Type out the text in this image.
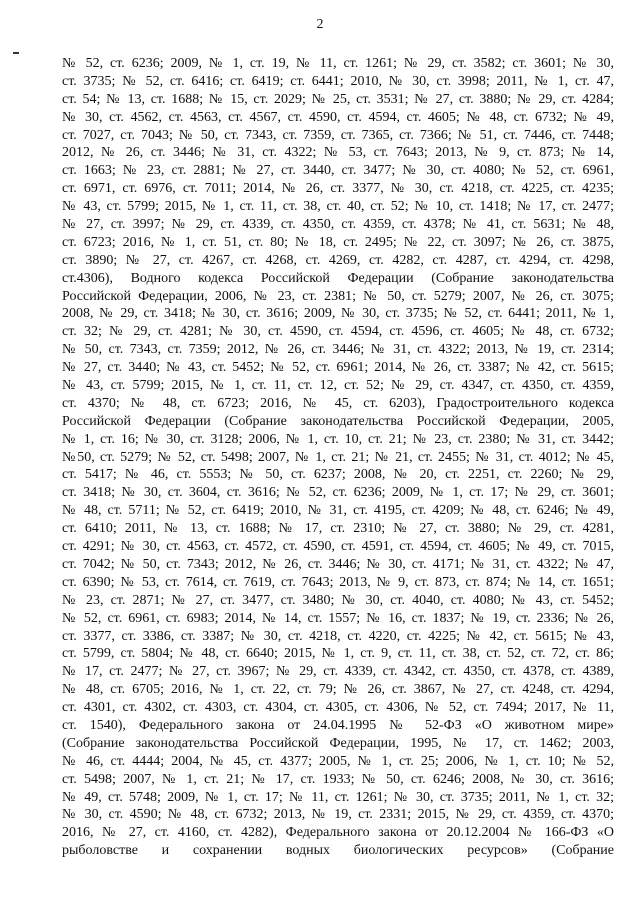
2
№ 52, ст. 6236; 2009, № 1, ст. 19, № 11, ст. 1261; № 29, ст. 3582; ст. 3601; № 30,
ст. 3735; № 52, ст. 6416; ст. 6419; ст. 6441; 2010, № 30, ст. 3998; 2011, № 1, ст. 47,
ст. 54; № 13, ст. 1688; № 15, ст. 2029; № 25, ст. 3531; № 27, ст. 3880; № 29, ст. 4284;
№ 30, ст. 4562, ст. 4563, ст. 4567, ст. 4590, ст. 4594, ст. 4605; № 48, ст. 6732; № 49,
ст. 7027, ст. 7043; № 50, ст. 7343, ст. 7359, ст. 7365, ст. 7366; № 51, ст. 7446, ст. 7448;
2012, № 26, ст. 3446; № 31, ст. 4322; № 53, ст. 7643; 2013, № 9, ст. 873; № 14,
ст. 1663; № 23, ст. 2881; № 27, ст. 3440, ст. 3477; № 30, ст. 4080; № 52, ст. 6961,
ст. 6971, ст. 6976, ст. 7011; 2014, № 26, ст. 3377, № 30, ст. 4218, ст. 4225, ст. 4235;
№ 43, ст. 5799; 2015, № 1, ст. 11, ст. 38, ст. 40, ст. 52; № 10, ст. 1418; № 17, ст. 2477;
№ 27, ст. 3997; № 29, ст. 4339, ст. 4350, ст. 4359, ст. 4378; № 41, ст. 5631; № 48,
ст. 6723; 2016, № 1, ст. 51, ст. 80; № 18, ст. 2495; № 22, ст. 3097; № 26, ст. 3875,
ст. 3890; № 27, ст. 4267, ст. 4268, ст. 4269, ст. 4282, ст. 4287, ст. 4294, ст. 4298,
ст.4306), Водного кодекса Российской Федерации (Собрание законодательства
Российской Федерации, 2006, № 23, ст. 2381; № 50, ст. 5279; 2007, № 26, ст. 3075;
2008, № 29, ст. 3418; № 30, ст. 3616; 2009, № 30, ст. 3735; № 52, ст. 6441; 2011, № 1,
ст. 32; № 29, ст. 4281; № 30, ст. 4590, ст. 4594, ст. 4596, ст. 4605; № 48, ст. 6732;
№ 50, ст. 7343, ст. 7359; 2012, № 26, ст. 3446; № 31, ст. 4322; 2013, № 19, ст. 2314;
№ 27, ст. 3440; № 43, ст. 5452; № 52, ст. 6961; 2014, № 26, ст. 3387; № 42, ст. 5615;
№ 43, ст. 5799; 2015, № 1, ст. 11, ст. 12, ст. 52; № 29, ст. 4347, ст. 4350, ст. 4359,
ст. 4370; № 48, ст. 6723; 2016, № 45, ст. 6203), Градостроительного кодекса
Российской Федерации (Собрание законодательства Российской Федерации, 2005,
№ 1, ст. 16; № 30, ст. 3128; 2006, № 1, ст. 10, ст. 21; № 23, ст. 2380; № 31, ст. 3442;
№50, ст. 5279; № 52, ст. 5498; 2007, № 1, ст. 21; № 21, ст. 2455; № 31, ст. 4012; № 45,
ст. 5417; № 46, ст. 5553; № 50, ст. 6237; 2008, № 20, ст. 2251, ст. 2260; № 29,
ст. 3418; № 30, ст. 3604, ст. 3616; № 52, ст. 6236; 2009, № 1, ст. 17; № 29, ст. 3601;
№ 48, ст. 5711; № 52, ст. 6419; 2010, № 31, ст. 4195, ст. 4209; № 48, ст. 6246; № 49,
ст. 6410; 2011, № 13, ст. 1688; № 17, ст. 2310; № 27, ст. 3880; № 29, ст. 4281,
ст. 4291; № 30, ст. 4563, ст. 4572, ст. 4590, ст. 4591, ст. 4594, ст. 4605; № 49, ст. 7015,
ст. 7042; № 50, ст. 7343; 2012, № 26, ст. 3446; № 30, ст. 4171; № 31, ст. 4322; № 47,
ст. 6390; № 53, ст. 7614, ст. 7619, ст. 7643; 2013, № 9, ст. 873, ст. 874; № 14, ст. 1651;
№ 23, ст. 2871; № 27, ст. 3477, ст. 3480; № 30, ст. 4040, ст. 4080; № 43, ст. 5452;
№ 52, ст. 6961, ст. 6983; 2014, № 14, ст. 1557; № 16, ст. 1837; № 19, ст. 2336; № 26,
ст. 3377, ст. 3386, ст. 3387; № 30, ст. 4218, ст. 4220, ст. 4225; № 42, ст. 5615; № 43,
ст. 5799, ст. 5804; № 48, ст. 6640; 2015, № 1, ст. 9, ст. 11, ст. 38, ст. 52, ст. 72, ст. 86;
№ 17, ст. 2477; № 27, ст. 3967; № 29, ст. 4339, ст. 4342, ст. 4350, ст. 4378, ст. 4389,
№ 48, ст. 6705; 2016, № 1, ст. 22, ст. 79; № 26, ст. 3867, № 27, ст. 4248, ст. 4294,
ст. 4301, ст. 4302, ст. 4303, ст. 4304, ст. 4305, ст. 4306, № 52, ст. 7494; 2017, № 11,
ст. 1540), Федерального закона от 24.04.1995 № 52-ФЗ «О животном мире»
(Собрание законодательства Российской Федерации, 1995, № 17, ст. 1462; 2003,
№ 46, ст. 4444; 2004, № 45, ст. 4377; 2005, № 1, ст. 25; 2006, № 1, ст. 10; № 52,
ст. 5498; 2007, № 1, ст. 21; № 17, ст. 1933; № 50, ст. 6246; 2008, № 30, ст. 3616;
№ 49, ст. 5748; 2009, № 1, ст. 17; № 11, ст. 1261; № 30, ст. 3735; 2011, № 1, ст. 32;
№ 30, ст. 4590; № 48, ст. 6732; 2013, № 19, ст. 2331; 2015, № 29, ст. 4359, ст. 4370;
2016, № 27, ст. 4160, ст. 4282), Федерального закона от 20.12.2004 № 166-ФЗ «О
рыболовстве и сохранении водных биологических ресурсов» (Собрание
